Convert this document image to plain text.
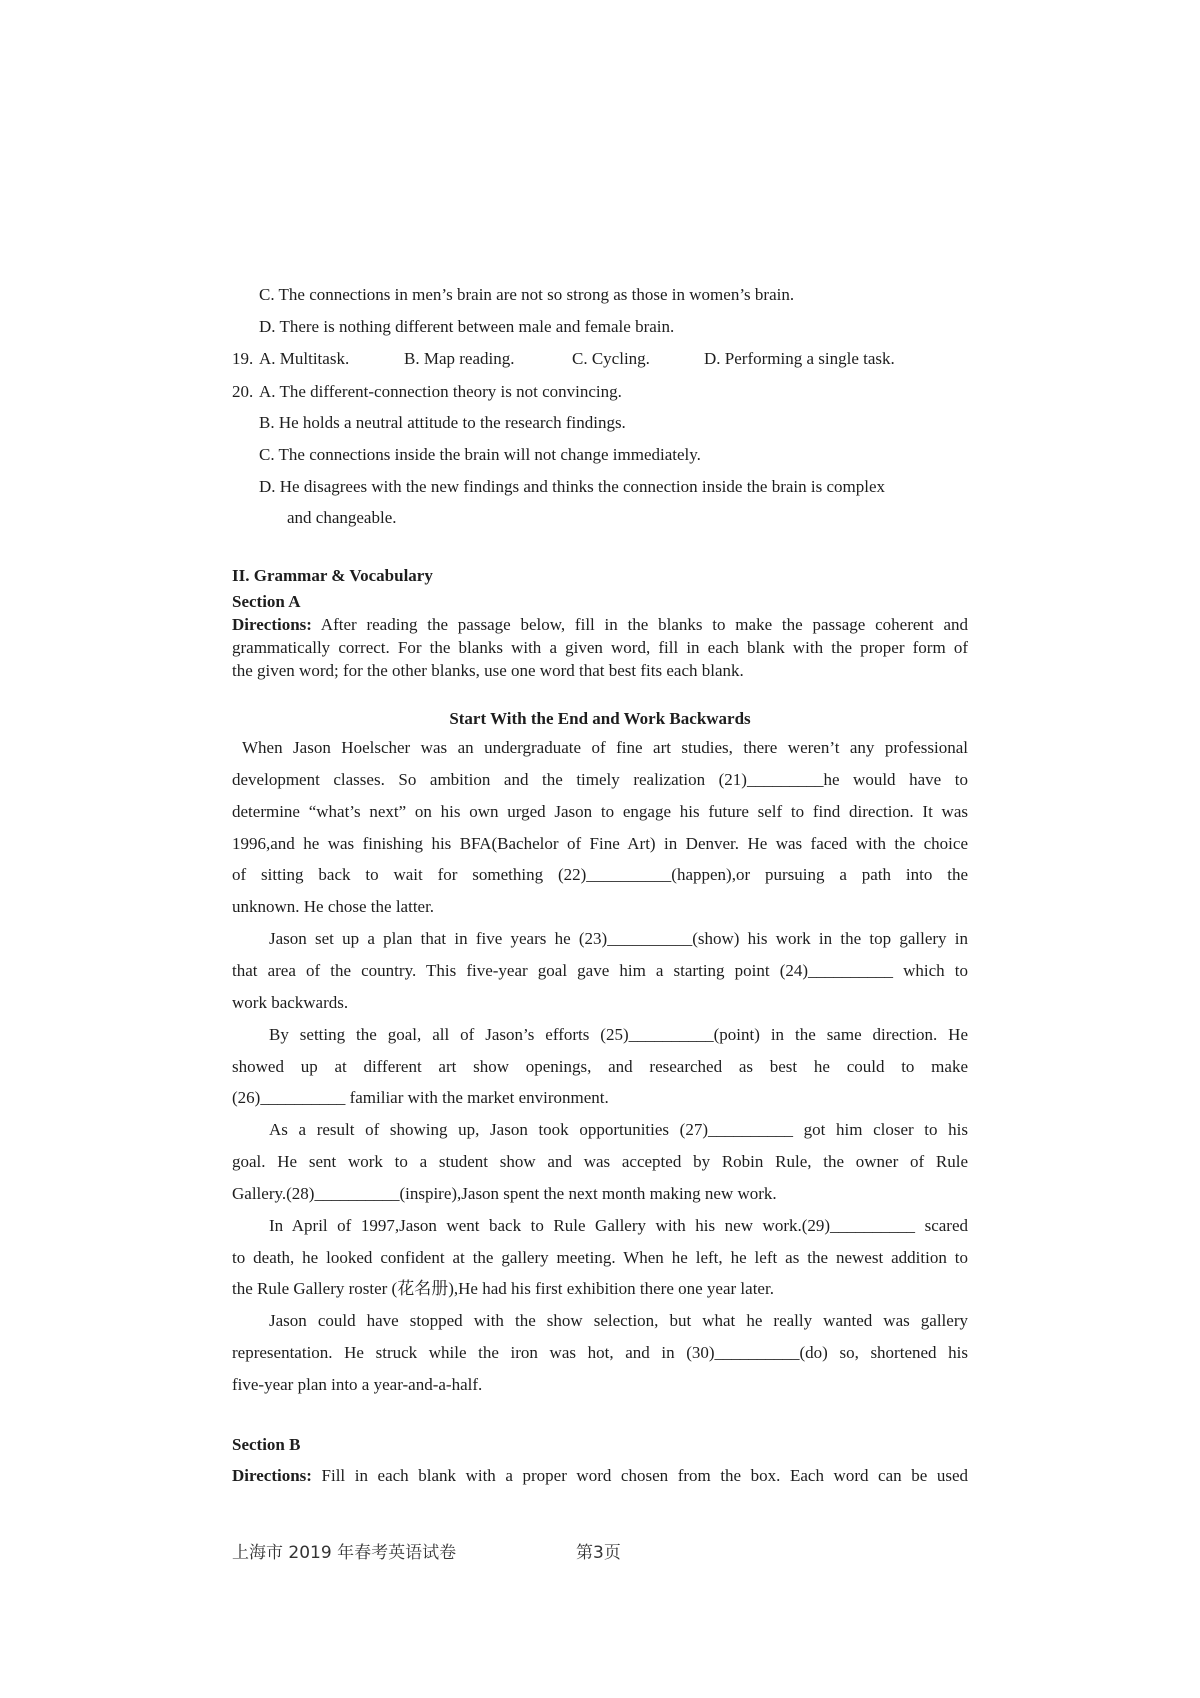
C. The connections in men’s brain are not so strong as those in women’s brain.
D. There is nothing different between male and female brain.
19. A. Multitask.	B. Map reading.	C. Cycling.	D. Performing a single task.
20. A. The different-connection theory is not convincing.
B. He holds a neutral attitude to the research findings.
C. The connections inside the brain will not change immediately.
D. He disagrees with the new findings and thinks the connection inside the brain is complex
and changeable.
II. Grammar & Vocabulary
Section A
Directions: After reading the passage below, fill in the blanks to make the passage coherent and
grammatically correct. For the blanks with a given word, fill in each blank with the proper form of
the given word; for the other blanks, use one word that best fits each blank.
Start With the End and Work Backwards
When Jason Hoelscher was an undergraduate of fine art studies, there weren’t any professional
development classes. So ambition and the timely realization (21)_________he would have to
determine “what’s next” on his own urged Jason to engage his future self to find direction. It was
1996,and he was finishing his BFA(Bachelor of Fine Art) in Denver. He was faced with the choice
of sitting back to wait for something (22)__________(happen),or pursuing a path into the
unknown. He chose the latter.
Jason set up a plan that in five years he (23)__________(show) his work in the top gallery in
that area of the country. This five-year goal gave him a starting point (24)__________ which to
work backwards.
By setting the goal, all of Jason’s efforts (25)__________(point) in the same direction. He
showed up at different art show openings, and researched as best he could to make
(26)__________ familiar with the market environment.
As a result of showing up, Jason took opportunities (27)__________ got him closer to his
goal. He sent work to a student show and was accepted by Robin Rule, the owner of Rule
Gallery.(28)__________(inspire),Jason spent the next month making new work.
In April of 1997,Jason went back to Rule Gallery with his new work.(29)__________ scared
to death, he looked confident at the gallery meeting. When he left, he left as the newest addition to
the Rule Gallery roster (花名册),He had his first exhibition there one year later.
Jason could have stopped with the show selection, but what he really wanted was gallery
representation. He struck while the iron was hot, and in (30)__________(do) so, shortened his
five-year plan into a year-and-a-half.
Section B
Directions: Fill in each blank with a proper word chosen from the box. Each word can be used
上海市 2019 年春考英语试卷	第3页
